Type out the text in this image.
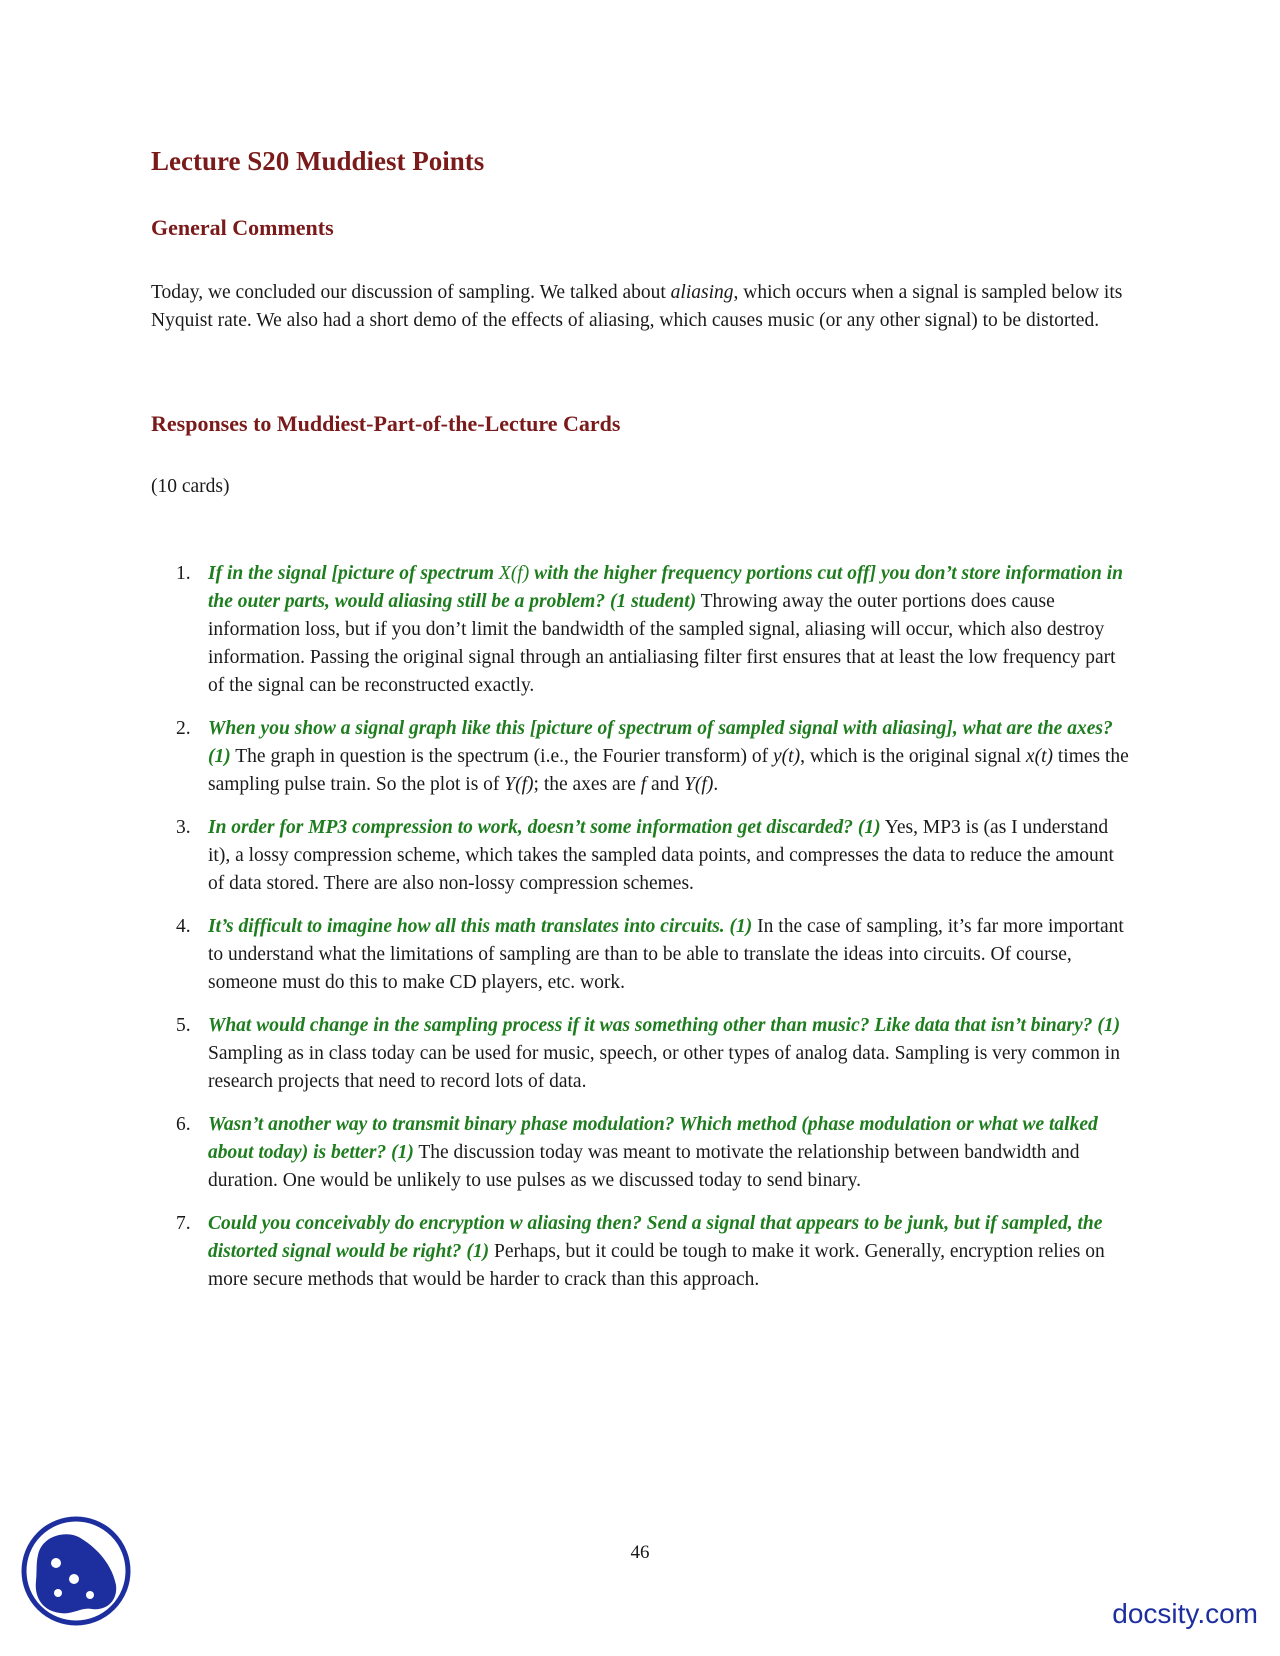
Lecture S20 Muddiest Points
General Comments

Today, we concluded our discussion of sampling. We talked about aliasing, which occurs when a signal is sampled below its Nyquist rate. We also had a short demo of the effects of aliasing, which causes music (or any other signal) to be distorted.

Responses to Muddiest-Part-of-the-Lecture Cards

(10 cards)

1. If in the signal [picture of spectrum X(f) with the higher frequency portions cut off] you don’t store information in the outer parts, would aliasing still be a problem? (1 student) Throwing away the outer portions does cause information loss, but if you don’t limit the bandwidth of the sampled signal, aliasing will occur, which also destroy information. Passing the original signal through an antialiasing filter first ensures that at least the low frequency part of the signal can be reconstructed exactly.
2. When you show a signal graph like this [picture of spectrum of sampled signal with aliasing], what are the axes? (1) The graph in question is the spectrum (i.e., the Fourier transform) of y(t), which is the original signal x(t) times the sampling pulse train. So the plot is of Y(f); the axes are f and Y(f).
3. In order for MP3 compression to work, doesn’t some information get discarded? (1) Yes, MP3 is (as I understand it), a lossy compression scheme, which takes the sampled data points, and compresses the data to reduce the amount of data stored. There are also non-lossy compression schemes.
4. It’s difficult to imagine how all this math translates into circuits. (1) In the case of sampling, it’s far more important to understand what the limitations of sampling are than to be able to translate the ideas into circuits. Of course, someone must do this to make CD players, etc. work.
5. What would change in the sampling process if it was something other than music? Like data that isn’t binary? (1) Sampling as in class today can be used for music, speech, or other types of analog data. Sampling is very common in research projects that need to record lots of data.
6. Wasn’t another way to transmit binary phase modulation? Which method (phase modulation or what we talked about today) is better? (1) The discussion today was meant to motivate the relationship between bandwidth and duration. One would be unlikely to use pulses as we discussed today to send binary.
7. Could you conceivably do encryption w aliasing then? Send a signal that appears to be junk, but if sampled, the distorted signal would be right? (1) Perhaps, but it could be tough to make it work. Generally, encryption relies on more secure methods that would be harder to crack than this approach.
46
docsity.com
